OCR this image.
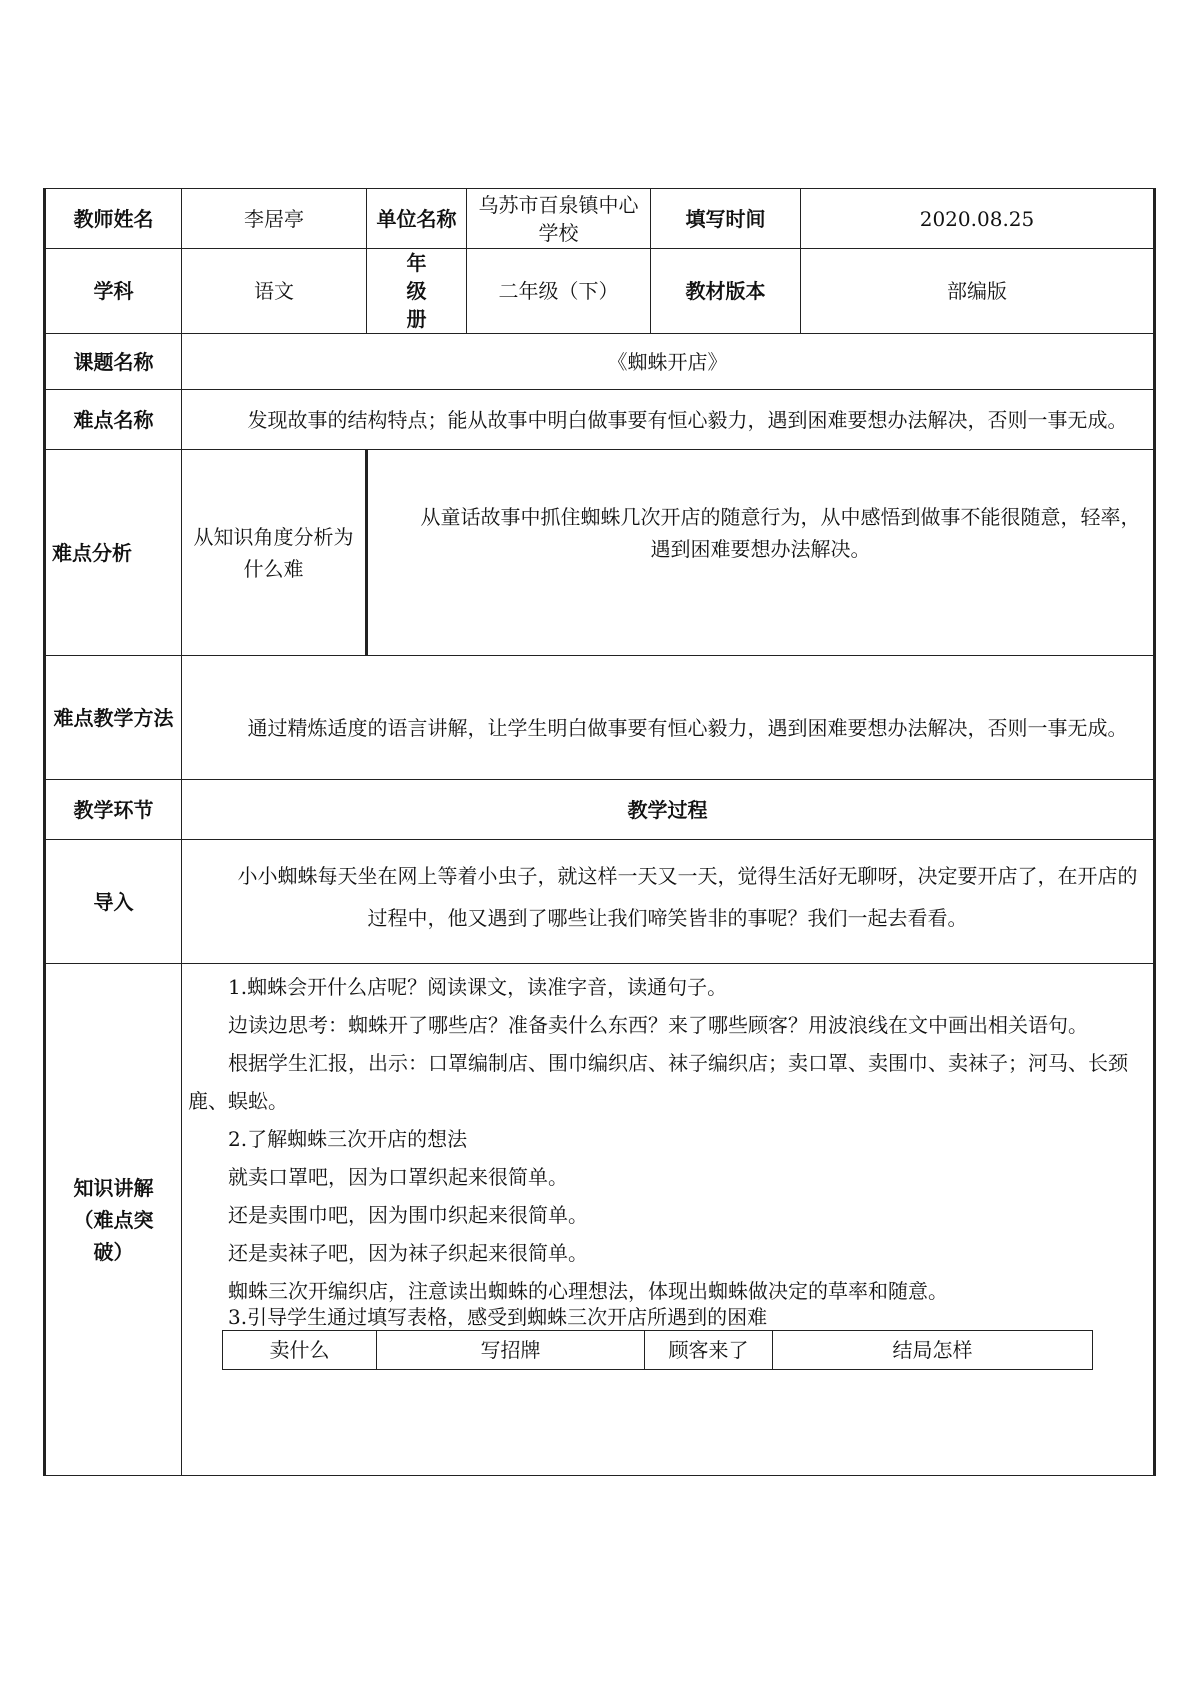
教师姓名	李居亭	单位名称	乌苏市百泉镇中心学校	填写时间	2020.08.25
学科	语文	年级册	二年级（下）	教材版本	部编版
课题名称	《蜘蛛开店》
难点名称	发现故事的结构特点；能从故事中明白做事要有恒心毅力，遇到困难要想办法解决，否则一事无成。
难点分析	从知识角度分析为什么难	从童话故事中抓住蜘蛛几次开店的随意行为，从中感悟到做事不能很随意，轻率，遇到困难要想办法解决。
难点教学方法	通过精炼适度的语言讲解，让学生明白做事要有恒心毅力，遇到困难要想办法解决，否则一事无成。
教学环节	教学过程
导入	小小蜘蛛每天坐在网上等着小虫子，就这样一天又一天，觉得生活好无聊呀，决定要开店了，在开店的过程中，他又遇到了哪些让我们啼笑皆非的事呢？我们一起去看看。
知识讲解（难点突破）	

1.蜘蛛会开什么店呢？阅读课文，读准字音，读通句子。

边读边思考：蜘蛛开了哪些店？准备卖什么东西？来了哪些顾客？用波浪线在文中画出相关语句。

根据学生汇报，出示：口罩编制店、围巾编织店、袜子编织店；卖口罩、卖围巾、卖袜子；河马、长颈鹿、蜈蚣。

2.了解蜘蛛三次开店的想法

就卖口罩吧，因为口罩织起来很简单。

还是卖围巾吧，因为围巾织起来很简单。

还是卖袜子吧，因为袜子织起来很简单。

蜘蛛三次开编织店，注意读出蜘蛛的心理想法，体现出蜘蛛做决定的草率和随意。

3.引导学生通过填写表格，感受到蜘蛛三次开店所遇到的困难

卖什么	写招牌	顾客来了	结局怎样
